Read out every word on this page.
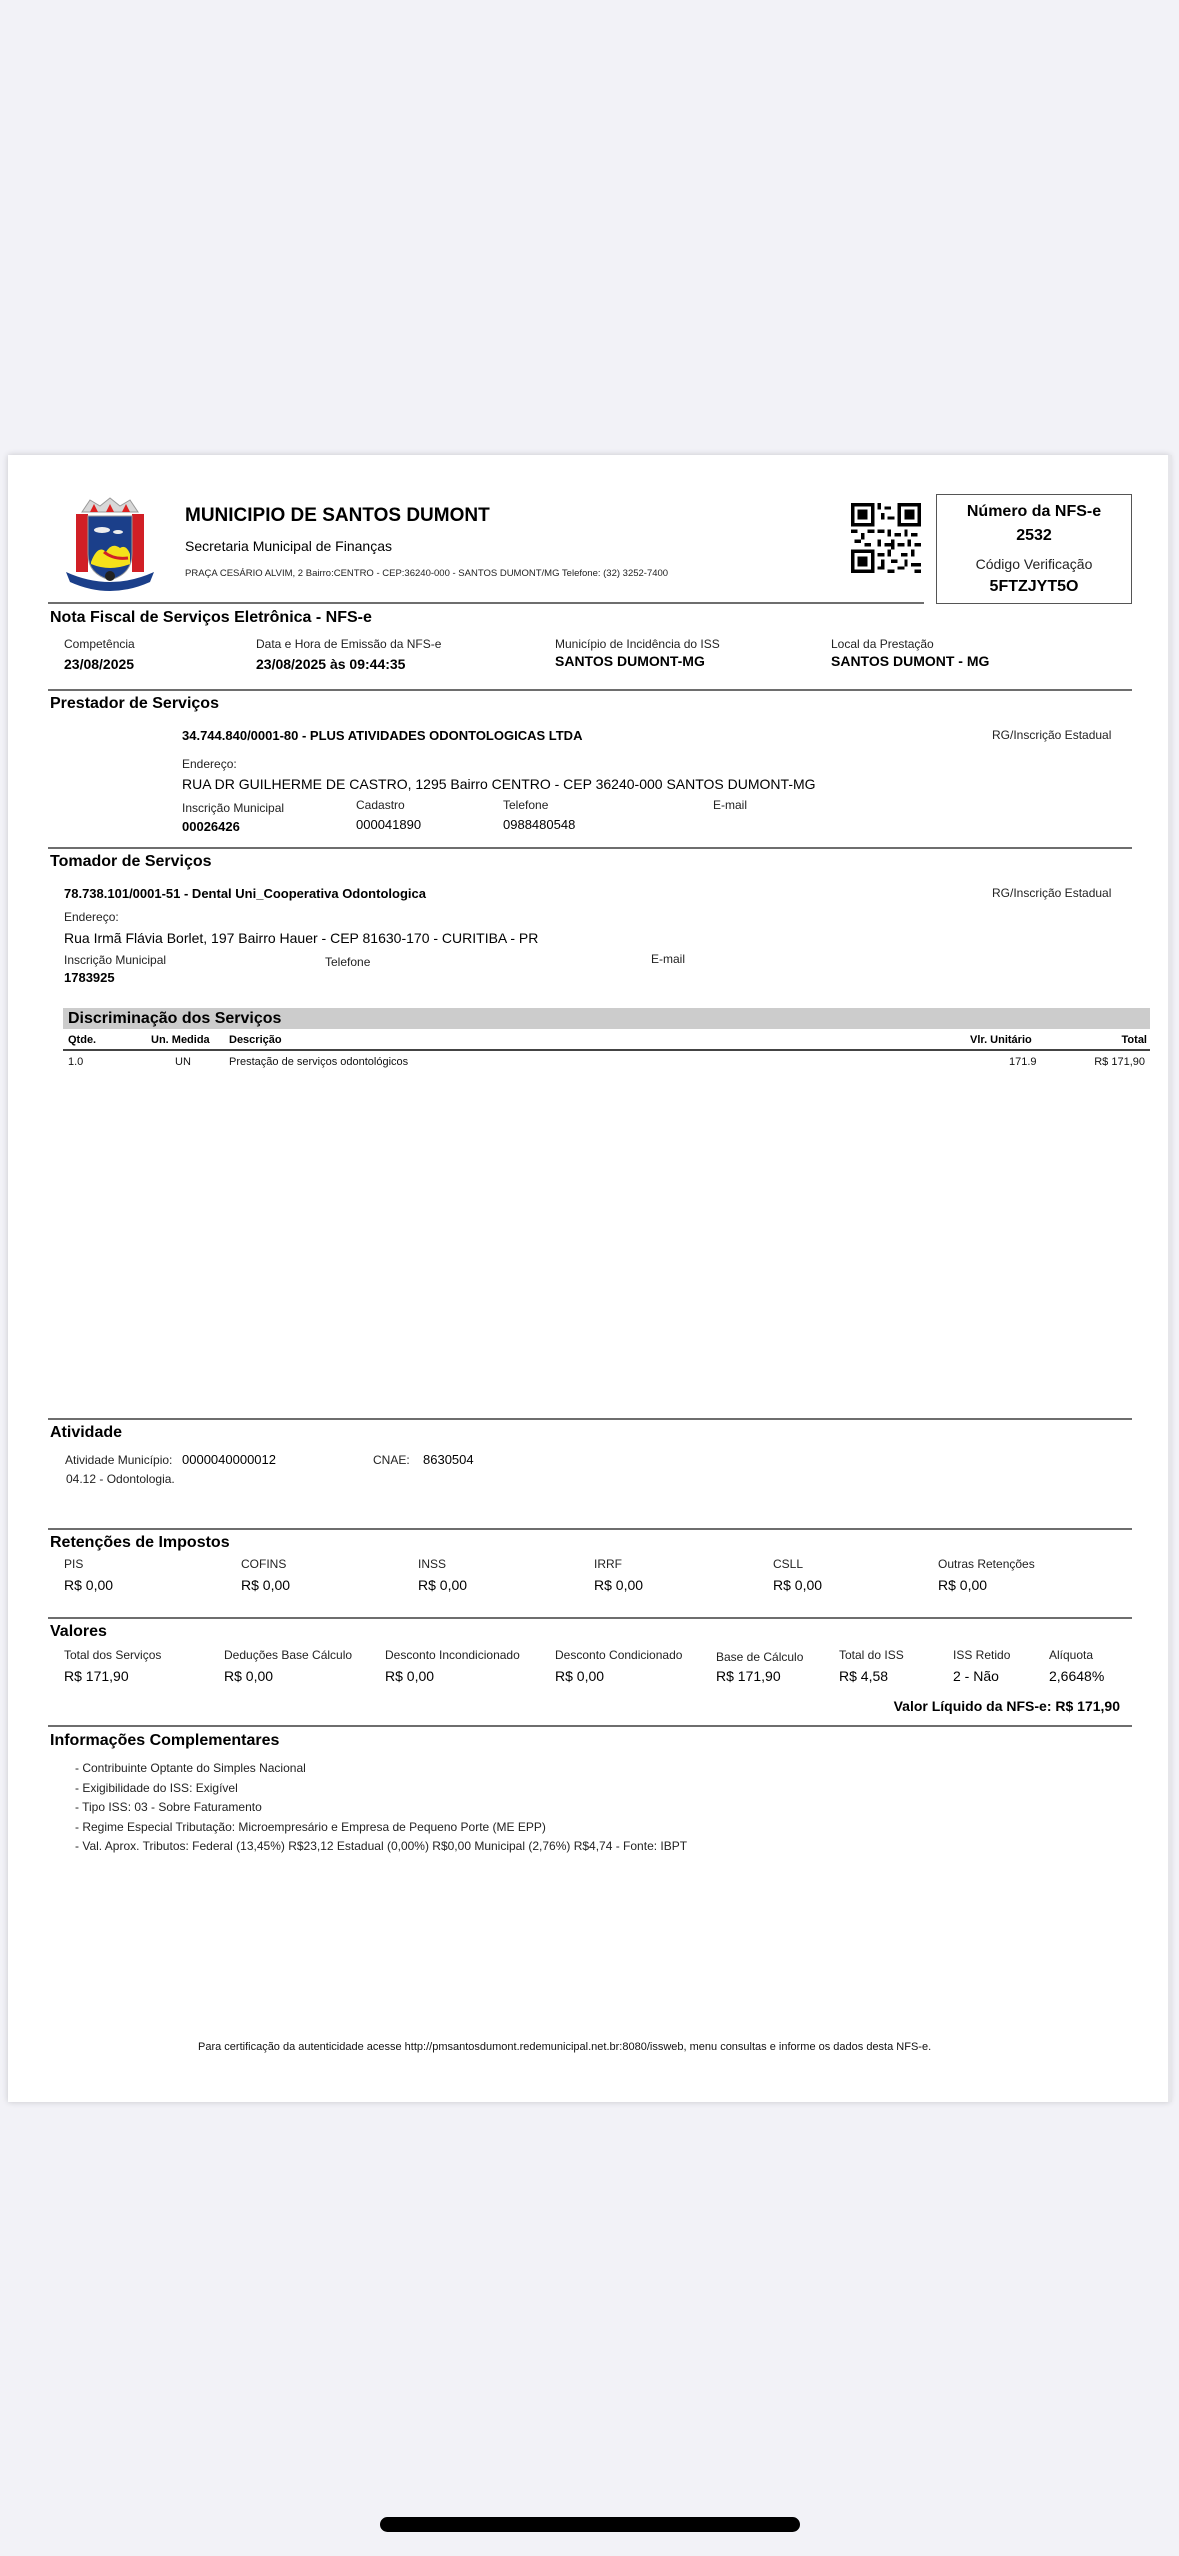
MUNICIPIO DE SANTOS DUMONT
Secretaria Municipal de Finanças
PRAÇA CESÁRIO ALVIM, 2 Bairro:CENTRO - CEP:36240-000 - SANTOS DUMONT/MG Telefone: (32) 3252-7400
Número da NFS-e
2532
Código Verificação
5FTZJYT5O
Nota Fiscal de Serviços Eletrônica - NFS-e
Competência
23/08/2025
Data e Hora de Emissão da NFS-e
23/08/2025 às 09:44:35
Município de Incidência do ISS
SANTOS DUMONT-MG
Local da Prestação
SANTOS DUMONT - MG
Prestador de Serviços
34.744.840/0001-80 - PLUS ATIVIDADES ODONTOLOGICAS LTDA	RG/Inscrição Estadual
Endereço:
RUA DR GUILHERME DE CASTRO, 1295 Bairro CENTRO - CEP 36240-000 SANTOS DUMONT-MG
Inscrição Municipal
00026426
Cadastro
000041890
Telefone
0988480548
E-mail
Tomador de Serviços
78.738.101/0001-51 - Dental Uni_Cooperativa Odontologica	RG/Inscrição Estadual
Endereço:
Rua Irmã Flávia Borlet, 197 Bairro Hauer - CEP 81630-170 - CURITIBA - PR
Inscrição Municipal
1783925
Telefone	E-mail
Discriminação dos Serviços
Qtde.	Un. Medida Descrição	Vlr. Unitário	Total
1.0	UN	Prestação de serviços odontológicos	171.9	R$ 171,90
Atividade
Atividade Município: 0000040000012	CNAE: 8630504
04.12 - Odontologia.
Retenções de Impostos
PIS
R$ 0,00
COFINS
R$ 0,00
INSS
R$ 0,00
IRRF
R$ 0,00
CSLL
R$ 0,00
Outras Retenções
R$ 0,00
Valores
Total dos Serviços
R$ 171,90
Deduções Base Cálculo
R$ 0,00
Desconto Incondicionado
R$ 0,00
Desconto Condicionado
R$ 0,00
Base de Cálculo
R$ 171,90
Total do ISS
R$ 4,58
ISS Retido
2 - Não
Alíquota
2,6648%
Valor Líquido da NFS-e: R$ 171,90
Informações Complementares
- Contribuinte Optante do Simples Nacional
- Exigibilidade do ISS: Exigível
- Tipo ISS: 03 - Sobre Faturamento
- Regime Especial Tributação: Microempresário e Empresa de Pequeno Porte (ME EPP)
- Val. Aprox. Tributos: Federal (13,45%) R$23,12 Estadual (0,00%) R$0,00 Municipal (2,76%) R$4,74 - Fonte: IBPT
Para certificação da autenticidade acesse http://pmsantosdumont.redemunicipal.net.br:8080/issweb, menu consultas e informe os dados desta NFS-e.
